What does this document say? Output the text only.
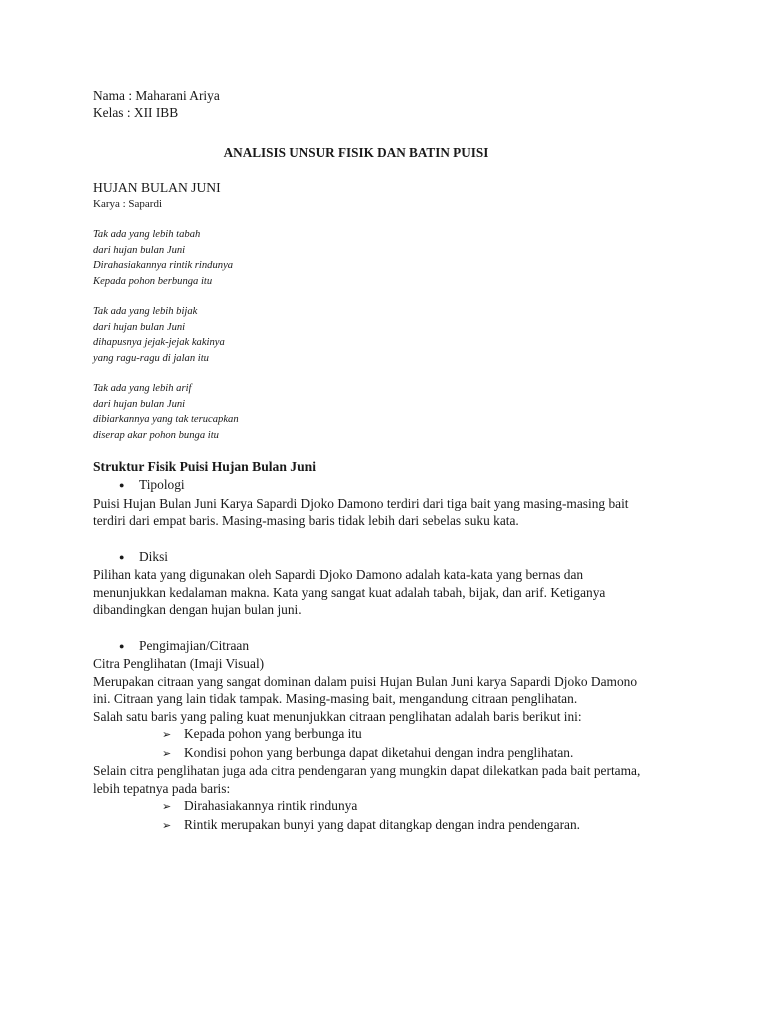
Nama : Maharani Ariya
Kelas : XII IBB
ANALISIS UNSUR FISIK DAN BATIN PUISI
HUJAN BULAN JUNI
Karya : Sapardi
Tak ada yang lebih tabah
dari hujan bulan Juni
Dirahasiakannya rintik rindunya
Kepada pohon berbunga itu
Tak ada yang lebih bijak
dari hujan bulan Juni
dihapusnya jejak-jejak kakinya
yang ragu-ragu di jalan itu
Tak ada yang lebih arif
dari hujan bulan Juni
dibiarkannya yang tak terucapkan
diserap akar pohon bunga itu
Struktur Fisik Puisi Hujan Bulan Juni
● Tipologi
Puisi Hujan Bulan Juni Karya Sapardi Djoko Damono terdiri dari tiga bait yang masing-masing bait
terdiri dari empat baris. Masing-masing baris tidak lebih dari sebelas suku kata.
● Diksi
Pilihan kata yang digunakan oleh Sapardi Djoko Damono adalah kata-kata yang bernas dan
menunjukkan kedalaman makna. Kata yang sangat kuat adalah tabah, bijak, dan arif. Ketiganya
dibandingkan dengan hujan bulan juni.
● Pengimajian/Citraan
Citra Penglihatan (Imaji Visual)
Merupakan citraan yang sangat dominan dalam puisi Hujan Bulan Juni karya Sapardi Djoko Damono
ini. Citraan yang lain tidak tampak. Masing-masing bait, mengandung citraan penglihatan.
Salah satu baris yang paling kuat menunjukkan citraan penglihatan adalah baris berikut ini:
➢ Kepada pohon yang berbunga itu
➢ Kondisi pohon yang berbunga dapat diketahui dengan indra penglihatan.
Selain citra penglihatan juga ada citra pendengaran yang mungkin dapat dilekatkan pada bait pertama,
lebih tepatnya pada baris:
➢ Dirahasiakannya rintik rindunya
➢ Rintik merupakan bunyi yang dapat ditangkap dengan indra pendengaran.
